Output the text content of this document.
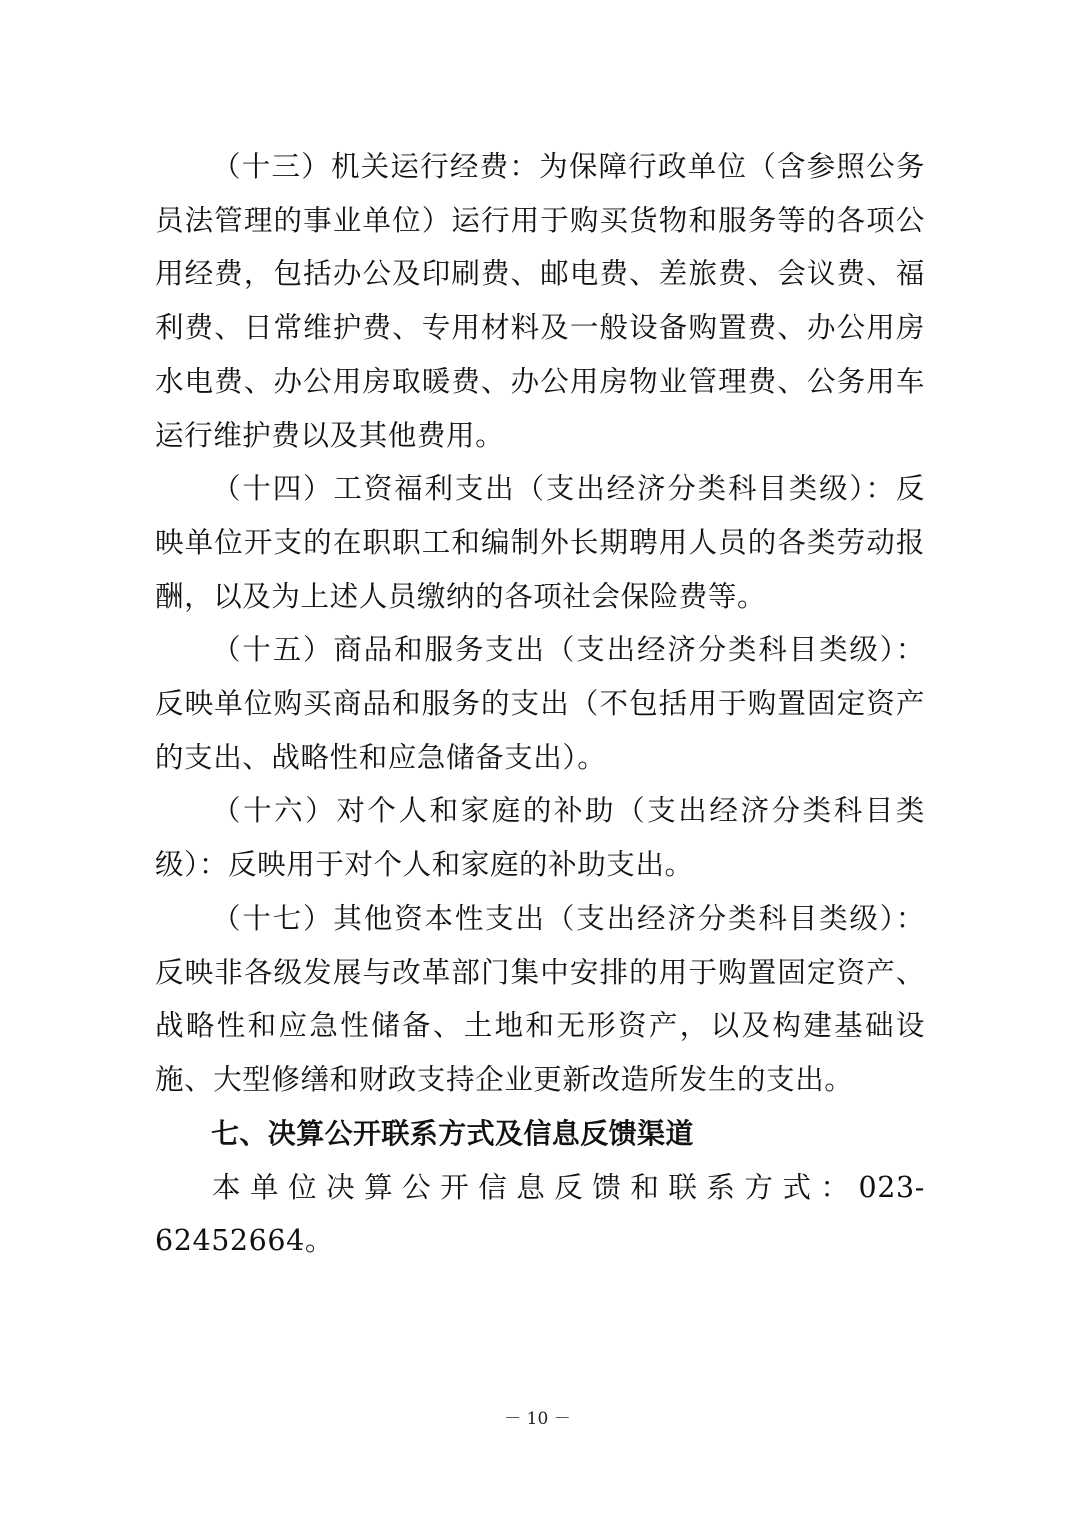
（十三）机关运行经费：为保障行政单位（含参照公务员法管理的事业单位）运行用于购买货物和服务等的各项公用经费，包括办公及印刷费、邮电费、差旅费、会议费、福利费、日常维护费、专用材料及一般设备购置费、办公用房水电费、办公用房取暖费、办公用房物业管理费、公务用车运行维护费以及其他费用。

（十四）工资福利支出（支出经济分类科目类级）：反映单位开支的在职职工和编制外长期聘用人员的各类劳动报酬，以及为上述人员缴纳的各项社会保险费等。

（十五）商品和服务支出（支出经济分类科目类级）：反映单位购买商品和服务的支出（不包括用于购置固定资产的支出、战略性和应急储备支出）。

（十六）对个人和家庭的补助（支出经济分类科目类级）：反映用于对个人和家庭的补助支出。

（十七）其他资本性支出（支出经济分类科目类级）：反映非各级发展与改革部门集中安排的用于购置固定资产、战略性和应急性储备、土地和无形资产，以及构建基础设施、大型修缮和财政支持企业更新改造所发生的支出。

七、决算公开联系方式及信息反馈渠道

本单位决算公开信息反馈和联系方式：023-62452664。

－ 10 －
